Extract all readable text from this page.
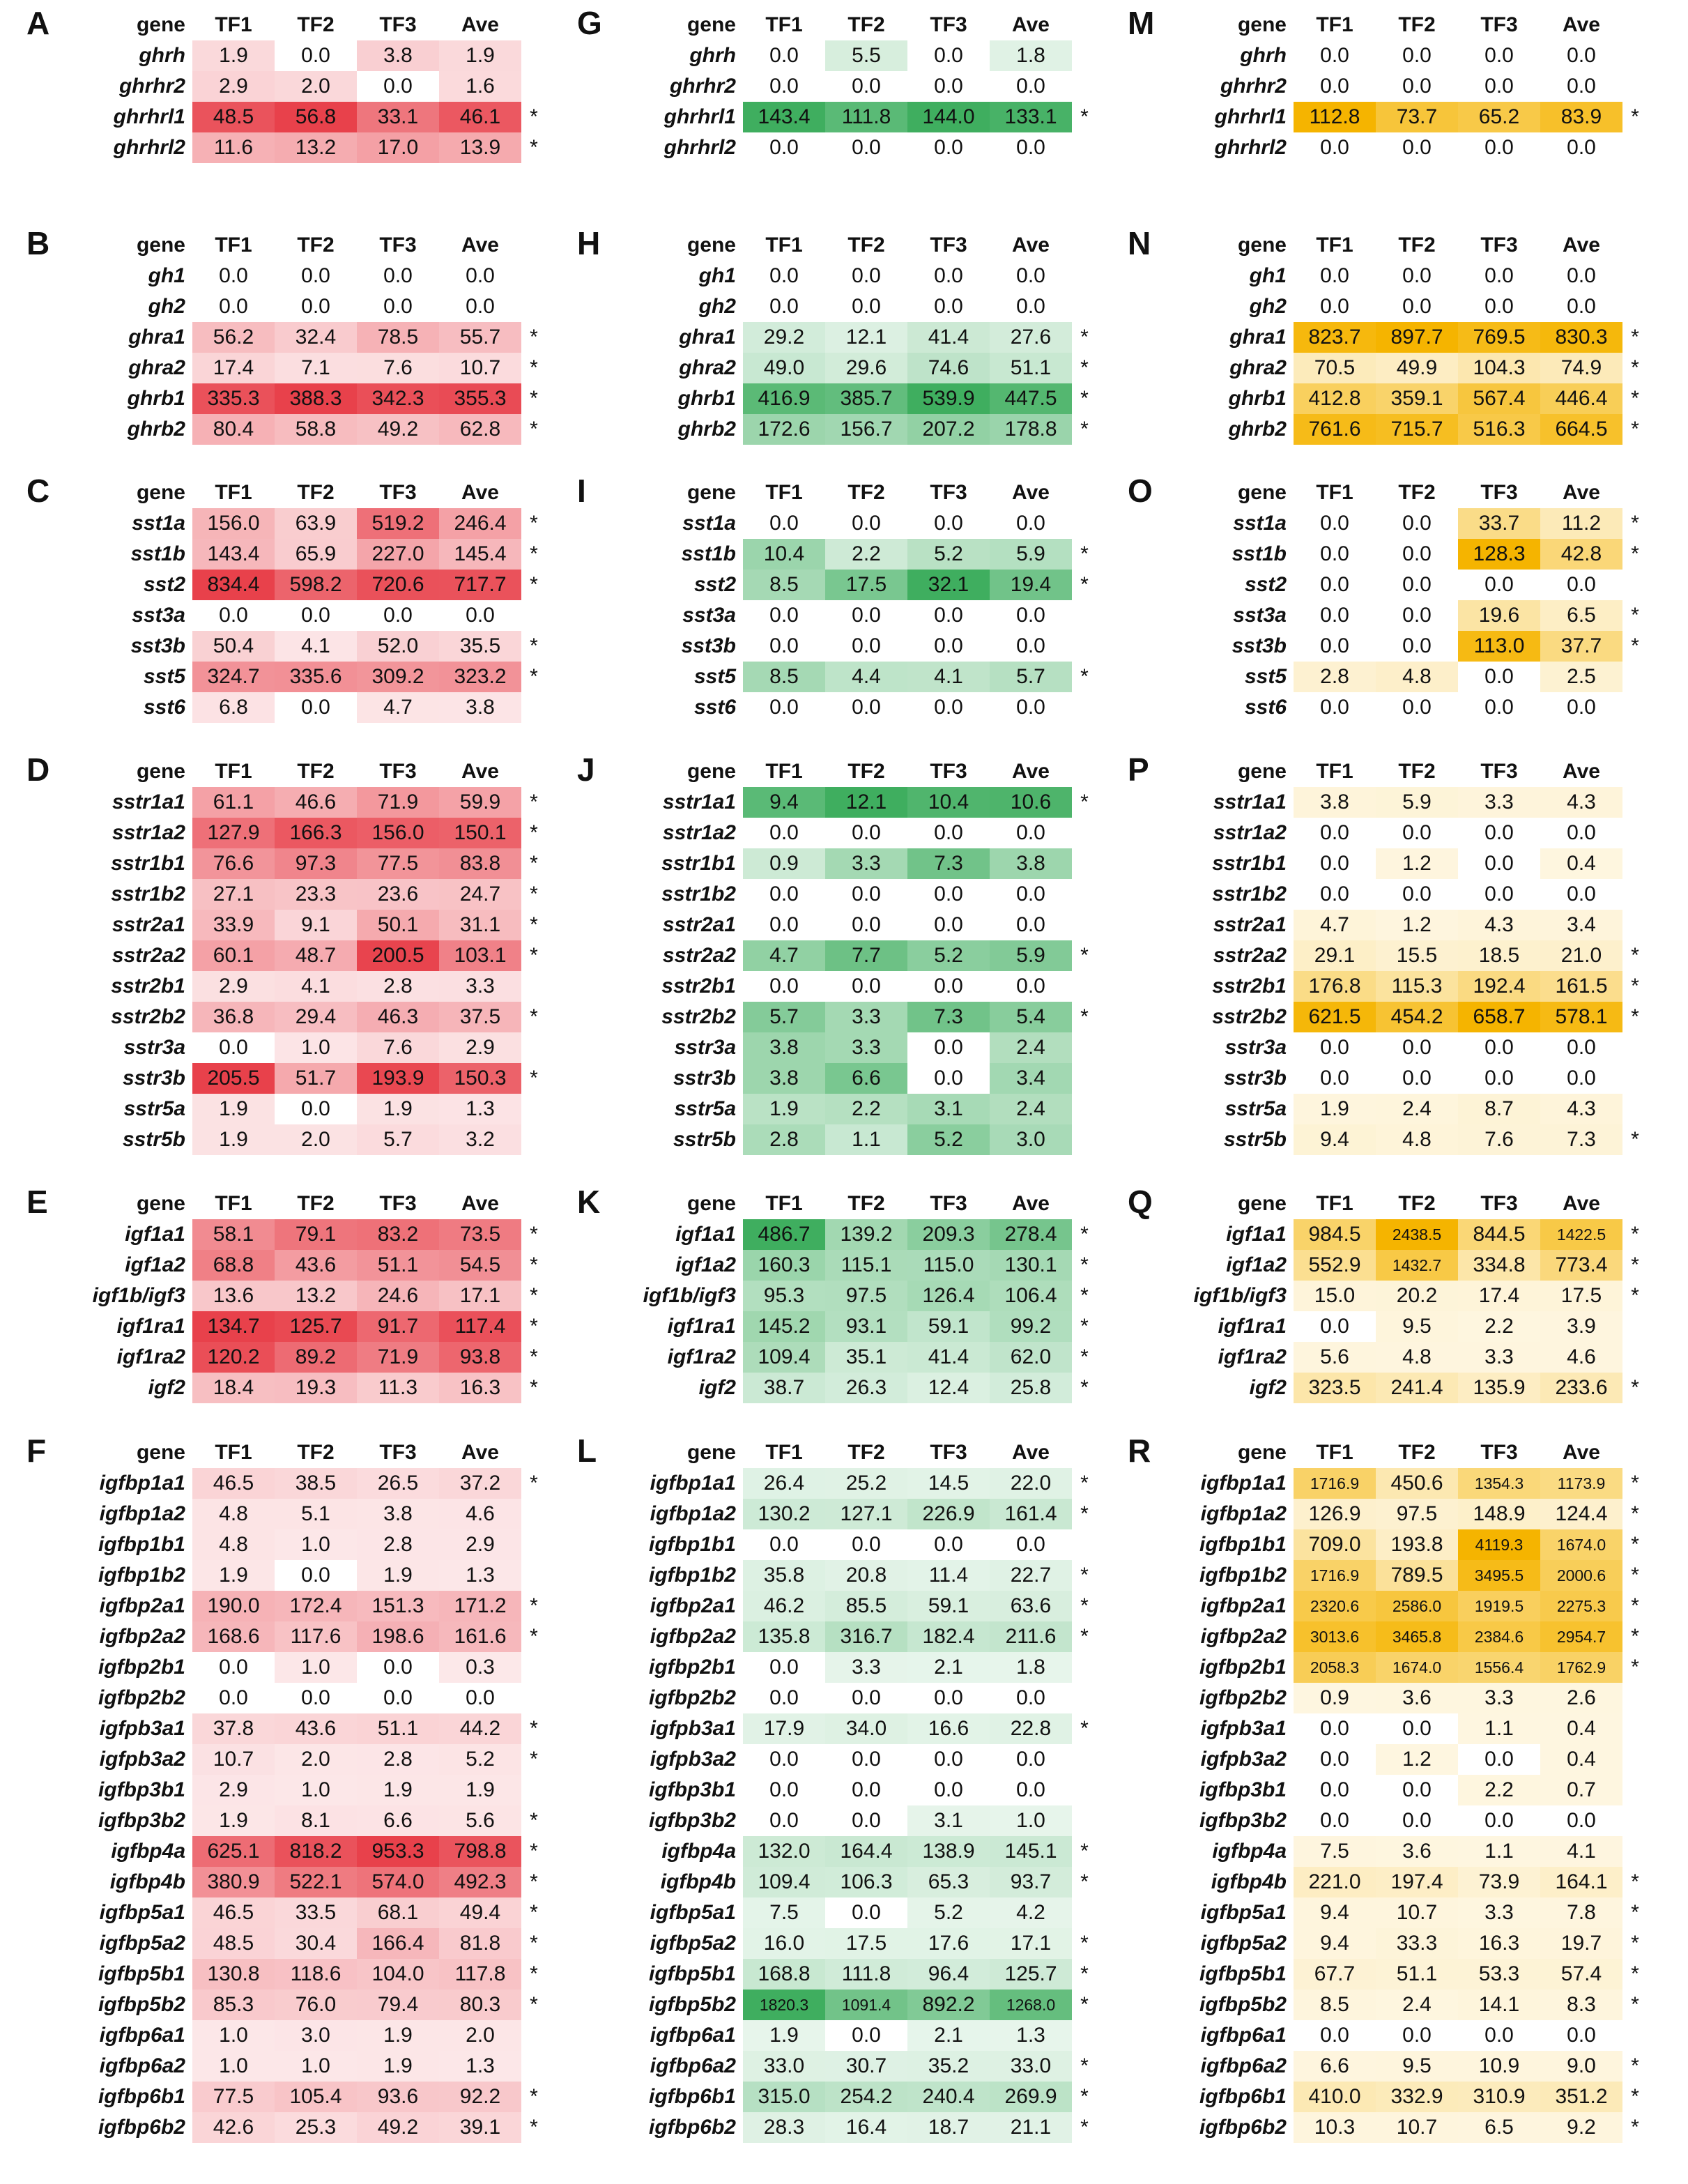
A	gene	TF1	TF2	TF3	Ave
ghrh	1.9	0.0	3.8	1.9
ghrhr2	2.9	2.0	0.0	1.6
ghrhrl1	48.5	56.8	33.1	46.1	*
ghrhrl2	11.6	13.2	17.0	13.9	*
B	gene	TF1	TF2	TF3	Ave
gh1	0.0	0.0	0.0	0.0
gh2	0.0	0.0	0.0	0.0
ghra1	56.2	32.4	78.5	55.7	*
ghra2	17.4	7.1	7.6	10.7	*
ghrb1	335.3	388.3	342.3	355.3	*
ghrb2	80.4	58.8	49.2	62.8	*
C	gene	TF1	TF2	TF3	Ave
sst1a	156.0	63.9	519.2	246.4	*
sst1b	143.4	65.9	227.0	145.4	*
sst2	834.4	598.2	720.6	717.7	*
sst3a	0.0	0.0	0.0	0.0
sst3b	50.4	4.1	52.0	35.5	*
sst5	324.7	335.6	309.2	323.2	*
sst6	6.8	0.0	4.7	3.8
D	gene	TF1	TF2	TF3	Ave
sstr1a1	61.1	46.6	71.9	59.9	*
sstr1a2	127.9	166.3	156.0	150.1	*
sstr1b1	76.6	97.3	77.5	83.8	*
sstr1b2	27.1	23.3	23.6	24.7	*
sstr2a1	33.9	9.1	50.1	31.1	*
sstr2a2	60.1	48.7	200.5	103.1	*
sstr2b1	2.9	4.1	2.8	3.3
sstr2b2	36.8	29.4	46.3	37.5	*
sstr3a	0.0	1.0	7.6	2.9
sstr3b	205.5	51.7	193.9	150.3	*
sstr5a	1.9	0.0	1.9	1.3
sstr5b	1.9	2.0	5.7	3.2
E	gene	TF1	TF2	TF3	Ave
igf1a1	58.1	79.1	83.2	73.5	*
igf1a2	68.8	43.6	51.1	54.5	*
igf1b/igf3	13.6	13.2	24.6	17.1	*
igf1ra1	134.7	125.7	91.7	117.4	*
igf1ra2	120.2	89.2	71.9	93.8	*
igf2	18.4	19.3	11.3	16.3	*
F	gene	TF1	TF2	TF3	Ave
igfbp1a1	46.5	38.5	26.5	37.2	*
igfbp1a2	4.8	5.1	3.8	4.6
igfbp1b1	4.8	1.0	2.8	2.9
igfbp1b2	1.9	0.0	1.9	1.3
igfbp2a1	190.0	172.4	151.3	171.2	*
igfbp2a2	168.6	117.6	198.6	161.6	*
igfbp2b1	0.0	1.0	0.0	0.3
igfbp2b2	0.0	0.0	0.0	0.0
igfpb3a1	37.8	43.6	51.1	44.2	*
igfpb3a2	10.7	2.0	2.8	5.2	*
igfbp3b1	2.9	1.0	1.9	1.9
igfbp3b2	1.9	8.1	6.6	5.6	*
igfbp4a	625.1	818.2	953.3	798.8	*
igfbp4b	380.9	522.1	574.0	492.3	*
igfbp5a1	46.5	33.5	68.1	49.4	*
igfbp5a2	48.5	30.4	166.4	81.8	*
igfbp5b1	130.8	118.6	104.0	117.8	*
igfbp5b2	85.3	76.0	79.4	80.3	*
igfbp6a1	1.0	3.0	1.9	2.0
igfbp6a2	1.0	1.0	1.9	1.3
igfbp6b1	77.5	105.4	93.6	92.2	*
igfbp6b2	42.6	25.3	49.2	39.1	*
G	gene	TF1	TF2	TF3	Ave
ghrh	0.0	5.5	0.0	1.8
ghrhr2	0.0	0.0	0.0	0.0
ghrhrl1	143.4	111.8	144.0	133.1	*
ghrhrl2	0.0	0.0	0.0	0.0
H	gene	TF1	TF2	TF3	Ave
gh1	0.0	0.0	0.0	0.0
gh2	0.0	0.0	0.0	0.0
ghra1	29.2	12.1	41.4	27.6	*
ghra2	49.0	29.6	74.6	51.1	*
ghrb1	416.9	385.7	539.9	447.5	*
ghrb2	172.6	156.7	207.2	178.8	*
I	gene	TF1	TF2	TF3	Ave
sst1a	0.0	0.0	0.0	0.0
sst1b	10.4	2.2	5.2	5.9	*
sst2	8.5	17.5	32.1	19.4	*
sst3a	0.0	0.0	0.0	0.0
sst3b	0.0	0.0	0.0	0.0
sst5	8.5	4.4	4.1	5.7	*
sst6	0.0	0.0	0.0	0.0
J	gene	TF1	TF2	TF3	Ave
sstr1a1	9.4	12.1	10.4	10.6	*
sstr1a2	0.0	0.0	0.0	0.0
sstr1b1	0.9	3.3	7.3	3.8
sstr1b2	0.0	0.0	0.0	0.0
sstr2a1	0.0	0.0	0.0	0.0
sstr2a2	4.7	7.7	5.2	5.9	*
sstr2b1	0.0	0.0	0.0	0.0
sstr2b2	5.7	3.3	7.3	5.4	*
sstr3a	3.8	3.3	0.0	2.4
sstr3b	3.8	6.6	0.0	3.4
sstr5a	1.9	2.2	3.1	2.4
sstr5b	2.8	1.1	5.2	3.0
K	gene	TF1	TF2	TF3	Ave
igf1a1	486.7	139.2	209.3	278.4	*
igf1a2	160.3	115.1	115.0	130.1	*
igf1b/igf3	95.3	97.5	126.4	106.4	*
igf1ra1	145.2	93.1	59.1	99.2	*
igf1ra2	109.4	35.1	41.4	62.0	*
igf2	38.7	26.3	12.4	25.8	*
L	gene	TF1	TF2	TF3	Ave
igfbp1a1	26.4	25.2	14.5	22.0	*
igfbp1a2	130.2	127.1	226.9	161.4	*
igfbp1b1	0.0	0.0	0.0	0.0
igfbp1b2	35.8	20.8	11.4	22.7	*
igfbp2a1	46.2	85.5	59.1	63.6	*
igfbp2a2	135.8	316.7	182.4	211.6	*
igfbp2b1	0.0	3.3	2.1	1.8
igfbp2b2	0.0	0.0	0.0	0.0
igfpb3a1	17.9	34.0	16.6	22.8	*
igfpb3a2	0.0	0.0	0.0	0.0
igfbp3b1	0.0	0.0	0.0	0.0
igfbp3b2	0.0	0.0	3.1	1.0
igfbp4a	132.0	164.4	138.9	145.1	*
igfbp4b	109.4	106.3	65.3	93.7	*
igfbp5a1	7.5	0.0	5.2	4.2
igfbp5a2	16.0	17.5	17.6	17.1	*
igfbp5b1	168.8	111.8	96.4	125.7	*
igfbp5b2	1820.3	1091.4	892.2	1268.0	*
igfbp6a1	1.9	0.0	2.1	1.3
igfbp6a2	33.0	30.7	35.2	33.0	*
igfbp6b1	315.0	254.2	240.4	269.9	*
igfbp6b2	28.3	16.4	18.7	21.1	*
M	gene	TF1	TF2	TF3	Ave
ghrh	0.0	0.0	0.0	0.0
ghrhr2	0.0	0.0	0.0	0.0
ghrhrl1	112.8	73.7	65.2	83.9	*
ghrhrl2	0.0	0.0	0.0	0.0
N	gene	TF1	TF2	TF3	Ave
gh1	0.0	0.0	0.0	0.0
gh2	0.0	0.0	0.0	0.0
ghra1	823.7	897.7	769.5	830.3	*
ghra2	70.5	49.9	104.3	74.9	*
ghrb1	412.8	359.1	567.4	446.4	*
ghrb2	761.6	715.7	516.3	664.5	*
O	gene	TF1	TF2	TF3	Ave
sst1a	0.0	0.0	33.7	11.2	*
sst1b	0.0	0.0	128.3	42.8	*
sst2	0.0	0.0	0.0	0.0
sst3a	0.0	0.0	19.6	6.5	*
sst3b	0.0	0.0	113.0	37.7	*
sst5	2.8	4.8	0.0	2.5
sst6	0.0	0.0	0.0	0.0
P	gene	TF1	TF2	TF3	Ave
sstr1a1	3.8	5.9	3.3	4.3
sstr1a2	0.0	0.0	0.0	0.0
sstr1b1	0.0	1.2	0.0	0.4
sstr1b2	0.0	0.0	0.0	0.0
sstr2a1	4.7	1.2	4.3	3.4
sstr2a2	29.1	15.5	18.5	21.0	*
sstr2b1	176.8	115.3	192.4	161.5	*
sstr2b2	621.5	454.2	658.7	578.1	*
sstr3a	0.0	0.0	0.0	0.0
sstr3b	0.0	0.0	0.0	0.0
sstr5a	1.9	2.4	8.7	4.3
sstr5b	9.4	4.8	7.6	7.3	*
Q	gene	TF1	TF2	TF3	Ave
igf1a1	984.5	2438.5	844.5	1422.5	*
igf1a2	552.9	1432.7	334.8	773.4	*
igf1b/igf3	15.0	20.2	17.4	17.5	*
igf1ra1	0.0	9.5	2.2	3.9
igf1ra2	5.6	4.8	3.3	4.6
igf2	323.5	241.4	135.9	233.6	*
R	gene	TF1	TF2	TF3	Ave
igfbp1a1	1716.9	450.6	1354.3	1173.9	*
igfbp1a2	126.9	97.5	148.9	124.4	*
igfbp1b1	709.0	193.8	4119.3	1674.0	*
igfbp1b2	1716.9	789.5	3495.5	2000.6	*
igfbp2a1	2320.6	2586.0	1919.5	2275.3	*
igfbp2a2	3013.6	3465.8	2384.6	2954.7	*
igfbp2b1	2058.3	1674.0	1556.4	1762.9	*
igfbp2b2	0.9	3.6	3.3	2.6
igfpb3a1	0.0	0.0	1.1	0.4
igfpb3a2	0.0	1.2	0.0	0.4
igfbp3b1	0.0	0.0	2.2	0.7
igfbp3b2	0.0	0.0	0.0	0.0
igfbp4a	7.5	3.6	1.1	4.1
igfbp4b	221.0	197.4	73.9	164.1	*
igfbp5a1	9.4	10.7	3.3	7.8	*
igfbp5a2	9.4	33.3	16.3	19.7	*
igfbp5b1	67.7	51.1	53.3	57.4	*
igfbp5b2	8.5	2.4	14.1	8.3	*
igfbp6a1	0.0	0.0	0.0	0.0
igfbp6a2	6.6	9.5	10.9	9.0	*
igfbp6b1	410.0	332.9	310.9	351.2	*
igfbp6b2	10.3	10.7	6.5	9.2	*
